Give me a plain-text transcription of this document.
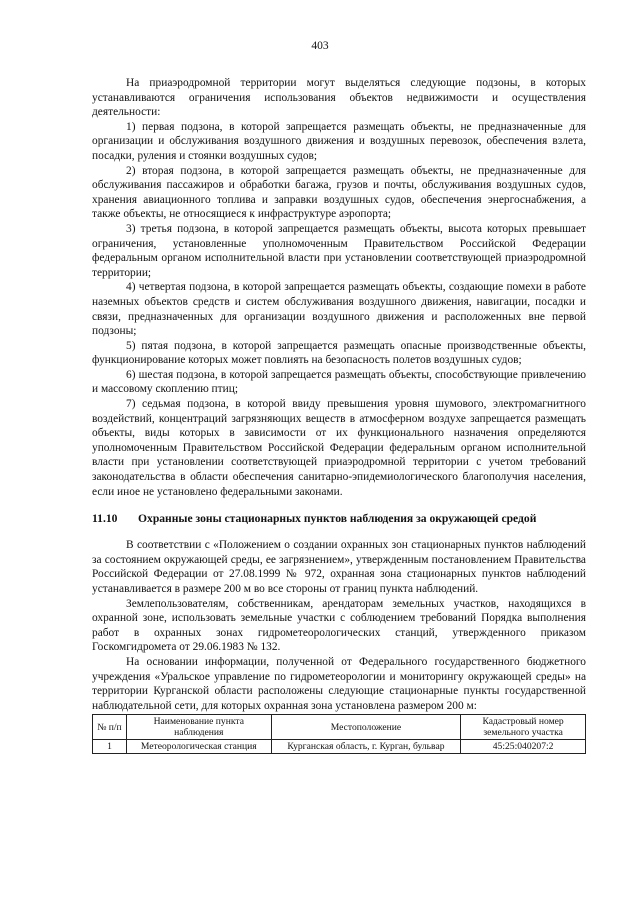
403

На приаэродромной территории могут выделяться следующие подзоны, в которых устанавливаются ограничения использования объектов недвижимости и осуществления деятельности:

1) первая подзона, в которой запрещается размещать объекты, не предназначенные для организации и обслуживания воздушного движения и воздушных перевозок, обеспечения взлета, посадки, руления и стоянки воздушных судов;

2) вторая подзона, в которой запрещается размещать объекты, не предназначенные для обслуживания пассажиров и обработки багажа, грузов и почты, обслуживания воздушных судов, хранения авиационного топлива и заправки воздушных судов, обеспечения энергоснабжения, а также объекты, не относящиеся к инфраструктуре аэропорта;

3) третья подзона, в которой запрещается размещать объекты, высота которых превышает ограничения, установленные уполномоченным Правительством Российской Федерации федеральным органом исполнительной власти при установлении соответствующей приаэродромной территории;

4) четвертая подзона, в которой запрещается размещать объекты, создающие помехи в работе наземных объектов средств и систем обслуживания воздушного движения, навигации, посадки и связи, предназначенных для организации воздушного движения и расположенных вне первой подзоны;

5) пятая подзона, в которой запрещается размещать опасные производственные объекты, функционирование которых может повлиять на безопасность полетов воздушных судов;

6) шестая подзона, в которой запрещается размещать объекты, способствующие привлечению и массовому скоплению птиц;

7) седьмая подзона, в которой ввиду превышения уровня шумового, электромагнитного воздействий, концентраций загрязняющих веществ в атмосферном воздухе запрещается размещать объекты, виды которых в зависимости от их функционального назначения определяются уполномоченным Правительством Российской Федерации федеральным органом исполнительной власти при установлении соответствующей приаэродромной территории с учетом требований законодательства в области обеспечения санитарно-эпидемиологического благополучия населения, если иное не установлено федеральными законами.

11.10	Охранные зоны стационарных пунктов наблюдения за окружающей средой

В соответствии с «Положением о создании охранных зон стационарных пунктов наблюдений за состоянием окружающей среды, ее загрязнением», утвержденным постановлением Правительства Российской Федерации от 27.08.1999 № 972, охранная зона стационарных пунктов наблюдений устанавливается в размере 200 м во все стороны от границ пункта наблюдений.

Землепользователям, собственникам, арендаторам земельных участков, находящихся в охранной зоне, использовать земельные участки с соблюдением требований Порядка выполнения работ в охранных зонах гидрометеорологических станций, утвержденного приказом Госкомгидромета от 29.06.1983 № 132.

На основании информации, полученной от Федерального государственного бюджетного учреждения «Уральское управление по гидрометеорологии и мониторингу окружающей среды» на территории Курганской области расположены следующие стационарные пункты государственной наблюдательной сети, для которых охранная зона установлена размером 200 м:

№ п/п	Наименование пункта наблюдения	Местоположение	Кадастровый номер земельного участка
1	Метеорологическая станция	Курганская область, г. Курган, бульвар	45:25:040207:2
